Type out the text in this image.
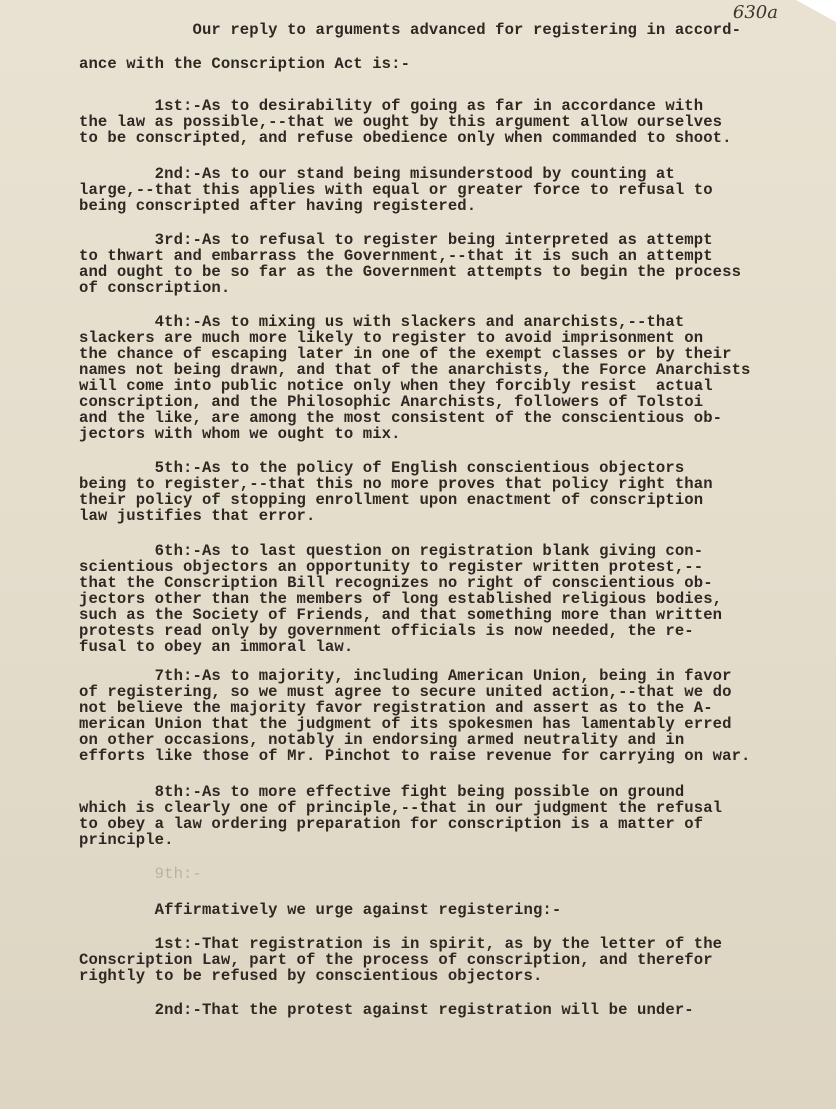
630a

Our reply to arguments advanced for registering in accord-

ance with the Conscription Act is:-

1st:-As to desirability of going as far in accordance with

the law as possible,--that we ought by this argument allow ourselves

to be conscripted, and refuse obedience only when commanded to shoot.

2nd:-As to our stand being misunderstood by counting at

large,--that this applies with equal or greater force to refusal to

being conscripted after having registered.

3rd:-As to refusal to register being interpreted as attempt

to thwart and embarrass the Government,--that it is such an attempt

and ought to be so far as the Government attempts to begin the process

of conscription.

4th:-As to mixing us with slackers and anarchists,--that

slackers are much more likely to register to avoid imprisonment on

the chance of escaping later in one of the exempt classes or by their

names not being drawn, and that of the anarchists, the Force Anarchists

will come into public notice only when they forcibly resist  actual

conscription, and the Philosophic Anarchists, followers of Tolstoi

and the like, are among the most consistent of the conscientious ob-

jectors with whom we ought to mix.

5th:-As to the policy of English conscientious objectors

being to register,--that this no more proves that policy right than

their policy of stopping enrollment upon enactment of conscription

law justifies that error.

6th:-As to last question on registration blank giving con-

scientious objectors an opportunity to register written protest,--

that the Conscription Bill recognizes no right of conscientious ob-

jectors other than the members of long established religious bodies,

such as the Society of Friends, and that something more than written

protests read only by government officials is now needed, the re-

fusal to obey an immoral law.

7th:-As to majority, including American Union, being in favor

of registering, so we must agree to secure united action,--that we do

not believe the majority favor registration and assert as to the A-

merican Union that the judgment of its spokesmen has lamentably erred

on other occasions, notably in endorsing armed neutrality and in

efforts like those of Mr. Pinchot to raise revenue for carrying on war.

8th:-As to more effective fight being possible on ground

which is clearly one of principle,--that in our judgment the refusal

to obey a law ordering preparation for conscription is a matter of

principle.

9th:-

Affirmatively we urge against registering:-

1st:-That registration is in spirit, as by the letter of the

Conscription Law, part of the process of conscription, and therefor

rightly to be refused by conscientious objectors.

2nd:-That the protest against registration will be under-
